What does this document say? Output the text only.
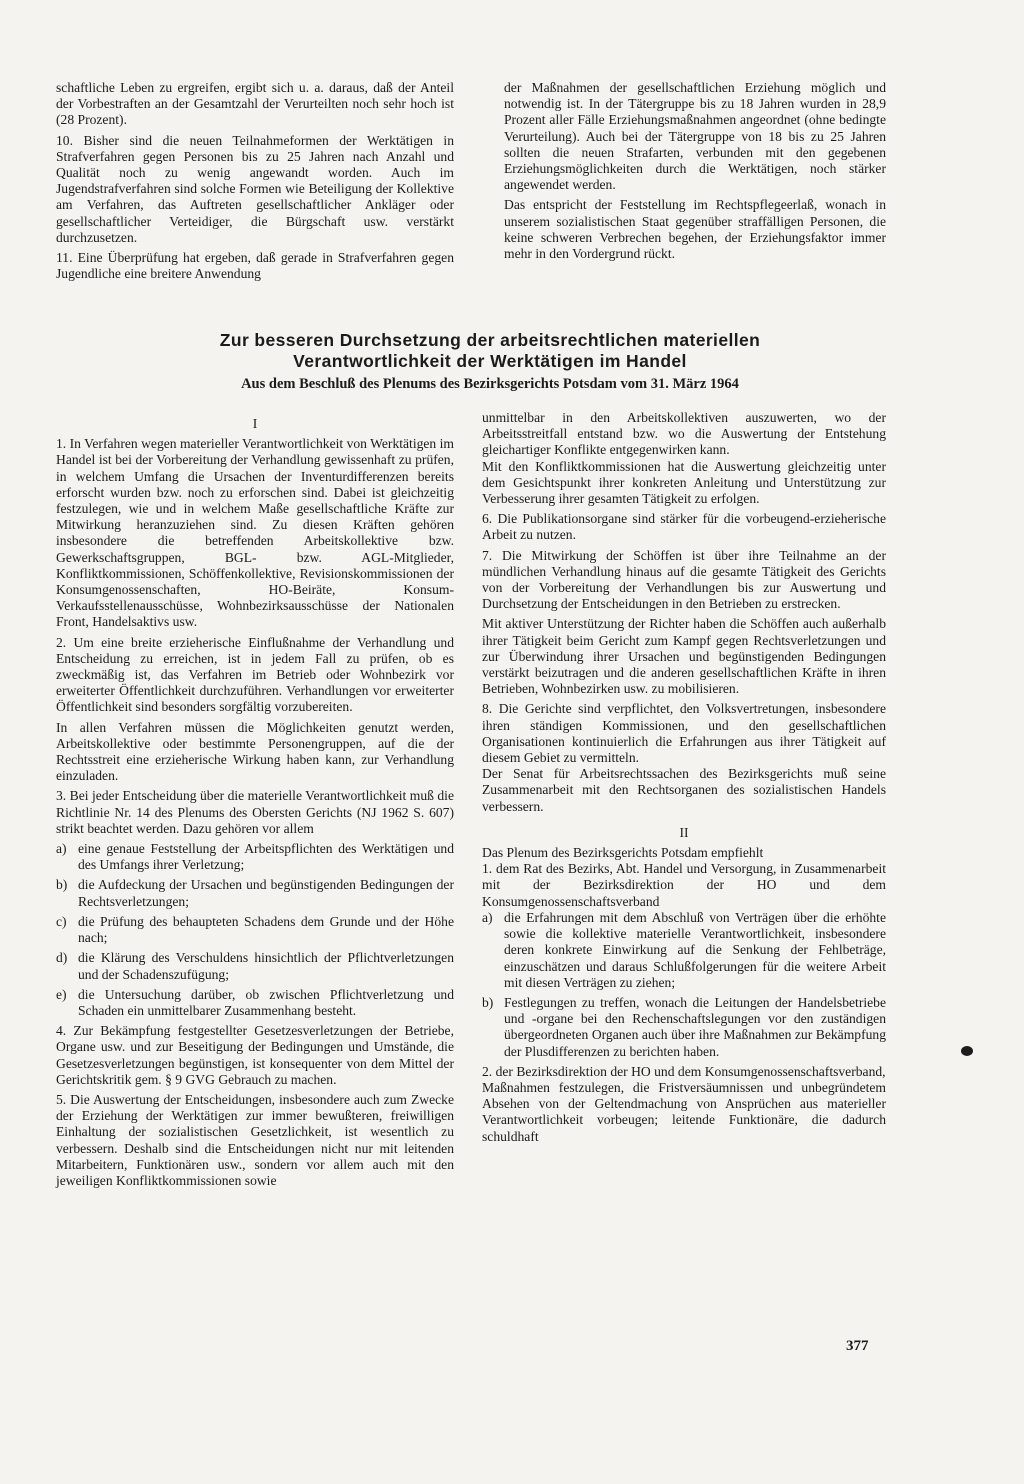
schaftliche Leben zu ergreifen, ergibt sich u. a. daraus, daß der Anteil der Vorbestraften an der Gesamtzahl der Verurteilten noch sehr hoch ist (28 Prozent).

10. Bisher sind die neuen Teilnahmeformen der Werktätigen in Strafverfahren gegen Personen bis zu 25 Jahren nach Anzahl und Qualität noch zu wenig angewandt worden. Auch im Jugendstrafverfahren sind solche Formen wie Beteiligung der Kollektive am Verfahren, das Auftreten gesellschaftlicher Ankläger oder gesellschaftlicher Verteidiger, die Bürgschaft usw. verstärkt durchzusetzen.

11. Eine Überprüfung hat ergeben, daß gerade in Strafverfahren gegen Jugendliche eine breitere Anwendung

der Maßnahmen der gesellschaftlichen Erziehung möglich und notwendig ist. In der Tätergruppe bis zu 18 Jahren wurden in 28,9 Prozent aller Fälle Erziehungsmaßnahmen angeordnet (ohne bedingte Verurteilung). Auch bei der Tätergruppe von 18 bis zu 25 Jahren sollten die neuen Strafarten, verbunden mit den gegebenen Erziehungsmöglichkeiten durch die Werktätigen, noch stärker angewendet werden.

Das entspricht der Feststellung im Rechtspflegeerlaß, wonach in unserem sozialistischen Staat gegenüber straffälligen Personen, die keine schweren Verbrechen begehen, der Erziehungsfaktor immer mehr in den Vordergrund rückt.

Zur besseren Durchsetzung der arbeitsrechtlichen materiellen
Verantwortlichkeit der Werktätigen im Handel
Aus dem Beschluß des Plenums des Bezirksgerichts Potsdam vom 31. März 1964
I

1. In Verfahren wegen materieller Verantwortlichkeit von Werktätigen im Handel ist bei der Vorbereitung der Verhandlung gewissenhaft zu prüfen, in welchem Umfang die Ursachen der Inventurdifferenzen bereits erforscht wurden bzw. noch zu erforschen sind. Dabei ist gleichzeitig festzulegen, wie und in welchem Maße gesellschaftliche Kräfte zur Mitwirkung heranzuziehen sind. Zu diesen Kräften gehören insbesondere die betreffenden Arbeitskollektive bzw. Gewerkschaftsgruppen, BGL- bzw. AGL-Mitglieder, Konfliktkommissionen, Schöffenkollektive, Revisionskommissionen der Konsumgenossenschaften, HO-Beiräte, Konsum-Verkaufsstellenausschüsse, Wohnbezirksausschüsse der Nationalen Front, Handelsaktivs usw.

2. Um eine breite erzieherische Einflußnahme der Verhandlung und Entscheidung zu erreichen, ist in jedem Fall zu prüfen, ob es zweckmäßig ist, das Verfahren im Betrieb oder Wohnbezirk vor erweiterter Öffentlichkeit durchzuführen. Verhandlungen vor erweiterter Öffentlichkeit sind besonders sorgfältig vorzubereiten.

In allen Verfahren müssen die Möglichkeiten genutzt werden, Arbeitskollektive oder bestimmte Personengruppen, auf die der Rechtsstreit eine erzieherische Wirkung haben kann, zur Verhandlung einzuladen.

3. Bei jeder Entscheidung über die materielle Verantwortlichkeit muß die Richtlinie Nr. 14 des Plenums des Obersten Gerichts (NJ 1962 S. 607) strikt beachtet werden. Dazu gehören vor allem

a) eine genaue Feststellung der Arbeitspflichten des Werktätigen und des Umfangs ihrer Verletzung;
b) die Aufdeckung der Ursachen und begünstigenden Bedingungen der Rechtsverletzungen;
c) die Prüfung des behaupteten Schadens dem Grunde und der Höhe nach;
d) die Klärung des Verschuldens hinsichtlich der Pflichtverletzungen und der Schadenszufügung;
e) die Untersuchung darüber, ob zwischen Pflichtverletzung und Schaden ein unmittelbarer Zusammenhang besteht.

4. Zur Bekämpfung festgestellter Gesetzesverletzungen der Betriebe, Organe usw. und zur Beseitigung der Bedingungen und Umstände, die Gesetzesverletzungen begünstigen, ist konsequenter von dem Mittel der Gerichtskritik gem. § 9 GVG Gebrauch zu machen.

5. Die Auswertung der Entscheidungen, insbesondere auch zum Zwecke der Erziehung der Werktätigen zur immer bewußteren, freiwilligen Einhaltung der sozialistischen Gesetzlichkeit, ist wesentlich zu verbessern. Deshalb sind die Entscheidungen nicht nur mit leitenden Mitarbeitern, Funktionären usw., sondern vor allem auch mit den jeweiligen Konfliktkommissionen sowie

unmittelbar in den Arbeitskollektiven auszuwerten, wo der Arbeitsstreitfall entstand bzw. wo die Auswertung der Entstehung gleichartiger Konflikte entgegenwirken kann.

Mit den Konfliktkommissionen hat die Auswertung gleichzeitig unter dem Gesichtspunkt ihrer konkreten Anleitung und Unterstützung zur Verbesserung ihrer gesamten Tätigkeit zu erfolgen.

6. Die Publikationsorgane sind stärker für die vorbeugend-erzieherische Arbeit zu nutzen.

7. Die Mitwirkung der Schöffen ist über ihre Teilnahme an der mündlichen Verhandlung hinaus auf die gesamte Tätigkeit des Gerichts von der Vorbereitung der Verhandlungen bis zur Auswertung und Durchsetzung der Entscheidungen in den Betrieben zu erstrecken.

Mit aktiver Unterstützung der Richter haben die Schöffen auch außerhalb ihrer Tätigkeit beim Gericht zum Kampf gegen Rechtsverletzungen und zur Überwindung ihrer Ursachen und begünstigenden Bedingungen verstärkt beizutragen und die anderen gesellschaftlichen Kräfte in ihren Betrieben, Wohnbezirken usw. zu mobilisieren.

8. Die Gerichte sind verpflichtet, den Volksvertretungen, insbesondere ihren ständigen Kommissionen, und den gesellschaftlichen Organisationen kontinuierlich die Erfahrungen aus ihrer Tätigkeit auf diesem Gebiet zu vermitteln.

Der Senat für Arbeitsrechtssachen des Bezirksgerichts muß seine Zusammenarbeit mit den Rechtsorganen des sozialistischen Handels verbessern.

II

Das Plenum des Bezirksgerichts Potsdam empfiehlt

1. dem Rat des Bezirks, Abt. Handel und Versorgung, in Zusammenarbeit mit der Bezirksdirektion der HO und dem Konsumgenossenschaftsverband

a) die Erfahrungen mit dem Abschluß von Verträgen über die erhöhte sowie die kollektive materielle Verantwortlichkeit, insbesondere deren konkrete Einwirkung auf die Senkung der Fehlbeträge, einzuschätzen und daraus Schlußfolgerungen für die weitere Arbeit mit diesen Verträgen zu ziehen;
b) Festlegungen zu treffen, wonach die Leitungen der Handelsbetriebe und -organe bei den Rechenschaftslegungen vor den zuständigen übergeordneten Organen auch über ihre Maßnahmen zur Bekämpfung der Plusdifferenzen zu berichten haben.

2. der Bezirksdirektion der HO und dem Konsumgenossenschaftsverband,

Maßnahmen festzulegen, die Fristversäumnissen und unbegründetem Absehen von der Geltendmachung von Ansprüchen aus materieller Verantwortlichkeit vorbeugen; leitende Funktionäre, die dadurch schuldhaft

377
